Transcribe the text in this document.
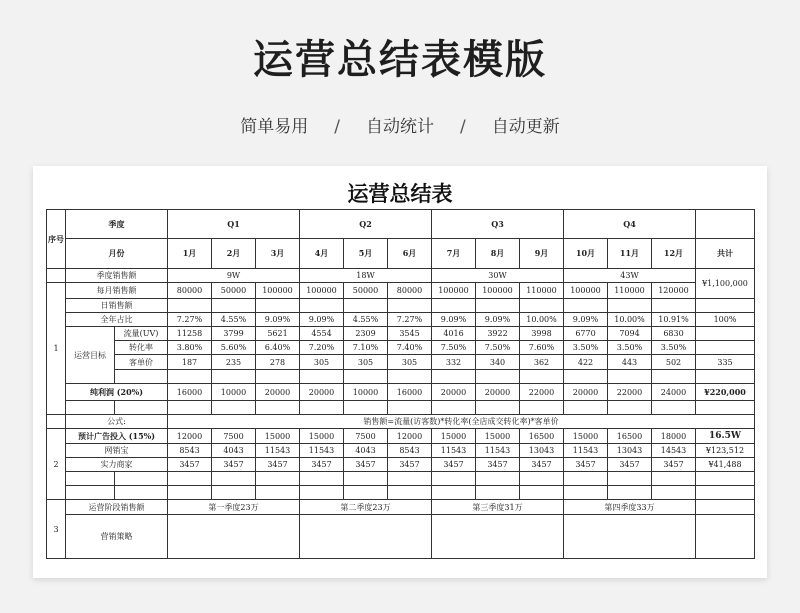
运营总结表模版
简单易用 / 自动统计 / 自动更新
运营总结表
序号	季度		Q1			Q2			Q3			Q4			
	月份		1月	2月	3月	4月	5月	6月	7月	8月	9月	10月	11月	12月	共计
	季度销售额		9W			18W			30W			43W			¥1,100,000
1	每月销售额		80000	50000	100000	100000	50000	80000	100000	100000	110000	100000	110000	120000	
	日销售额														
	全年占比		7.27%	4.55%	9.09%	9.09%	4.55%	7.27%	9.09%	9.09%	10.00%	9.09%	10.00%	10.91%	100%
	运营目标	流量(UV)	11258	3799	5621	4554	2309	3545	4016	3922	3998	6770	7094	6830	
		转化率	3.80%	5.60%	6.40%	7.20%	7.10%	7.40%	7.50%	7.50%	7.60%	3.50%	3.50%	3.50%	
		客单价	187	235	278	305	305	305	332	340	362	422	443	502	335

	纯利润 (20%)		16000	10000	20000	20000	10000	16000	20000	20000	22000	20000	22000	24000	¥220,000

	公式:		销售额=流量(访客数)*转化率(全店成交转化率)*客单价												
2	预计广告投入 (15%)		12000	7500	15000	15000	7500	12000	15000	15000	16500	15000	16500	18000	16.5W
	网销宝		8543	4043	11543	11543	4043	8543	11543	11543	13043	11543	13043	14543	¥123,512
	实力商家		3457	3457	3457	3457	3457	3457	3457	3457	3457	3457	3457	3457	¥41,488

3	运营阶段销售额		第一季度23万			第二季度23万			第三季度31万			第四季度33万			
	营销策略														
